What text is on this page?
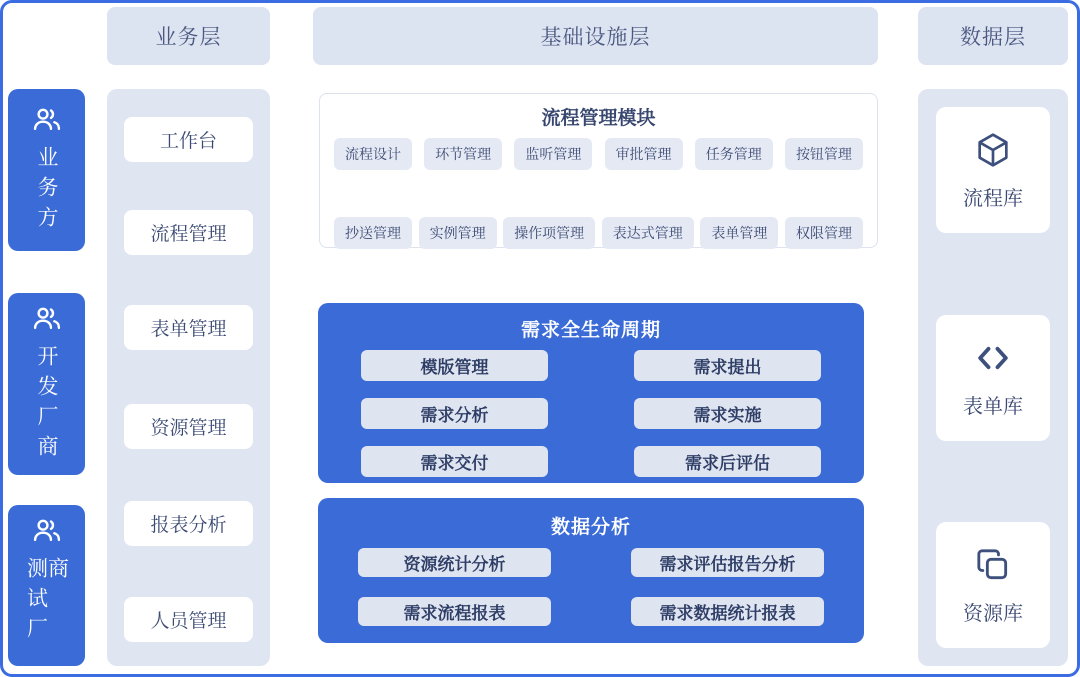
业务层	基础设施层	数据层
业务方
开发厂商
测试厂商
工作台
流程管理
表单管理
资源管理
报表分析
人员管理
流程管理模块
流程设计	环节管理	监听管理	审批管理	任务管理	按钮管理
抄送管理	实例管理	操作项管理	表达式管理	表单管理	权限管理
需求全生命周期
模版管理	需求提出
需求分析	需求实施
需求交付	需求后评估
数据分析
资源统计分析	需求评估报告分析
需求流程报表	需求数据统计报表
流程库
表单库
资源库
